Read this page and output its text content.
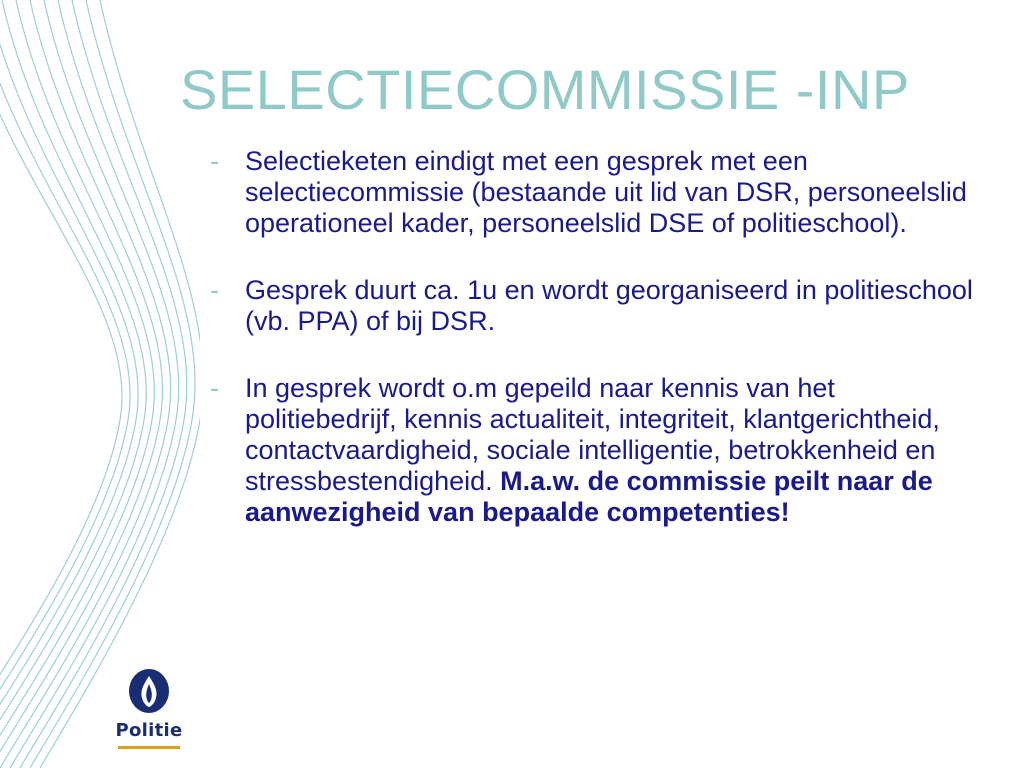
SELECTIECOMMISSIE -INP
- Selectieketen eindigt met een gesprek met een selectiecommissie (bestaande uit lid van DSR, personeelslid operationeel kader, personeelslid DSE of politieschool).
- Gesprek duurt ca. 1u en wordt georganiseerd in politieschool (vb. PPA) of bij DSR.
- In gesprek wordt o.m gepeild naar kennis van het politiebedrijf, kennis actualiteit, integriteit, klantgerichtheid, contactvaardigheid, sociale intelligentie, betrokkenheid en stressbestendigheid. M.a.w. de commissie peilt naar de aanwezigheid van bepaalde competenties!
Politie
